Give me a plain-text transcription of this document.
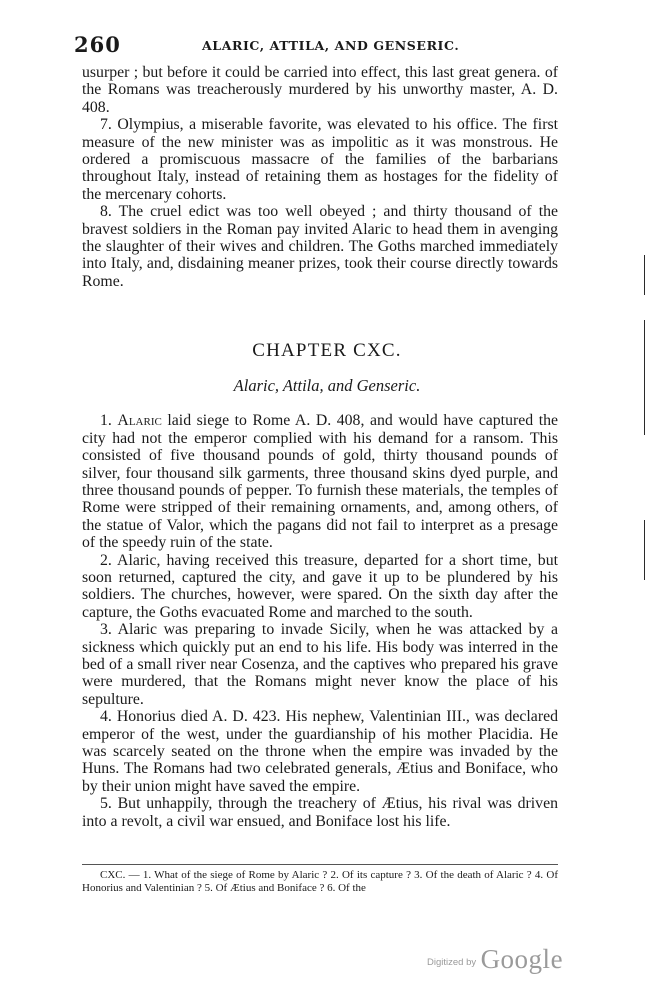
260	ALARIC, ATTILA, AND GENSERIC.

usurper ; but before it could be carried into effect, this last great genera. of the Romans was treacherously murdered by his unworthy master, A. D. 408.

7. Olympius, a miserable favorite, was elevated to his office. The first measure of the new minister was as impolitic as it was monstrous. He ordered a promiscuous massacre of the families of the barbarians throughout Italy, instead of retaining them as hostages for the fidelity of the mercenary cohorts.

8. The cruel edict was too well obeyed ; and thirty thousand of the bravest soldiers in the Roman pay invited Alaric to head them in avenging the slaughter of their wives and children. The Goths marched immediately into Italy, and, disdaining meaner prizes, took their course directly towards Rome.

CHAPTER CXC.
Alaric, Attila, and Genseric.

1. Alaric laid siege to Rome A. D. 408, and would have captured the city had not the emperor complied with his demand for a ransom. This consisted of five thousand pounds of gold, thirty thousand pounds of silver, four thousand silk garments, three thousand skins dyed purple, and three thousand pounds of pepper. To furnish these materials, the temples of Rome were stripped of their remaining ornaments, and, among others, of the statue of Valor, which the pagans did not fail to interpret as a presage of the speedy ruin of the state.

2. Alaric, having received this treasure, departed for a short time, but soon returned, captured the city, and gave it up to be plundered by his soldiers. The churches, however, were spared. On the sixth day after the capture, the Goths evacuated Rome and marched to the south.

3. Alaric was preparing to invade Sicily, when he was attacked by a sickness which quickly put an end to his life. His body was interred in the bed of a small river near Cosenza, and the captives who prepared his grave were murdered, that the Romans might never know the place of his sepulture.

4. Honorius died A. D. 423. His nephew, Valentinian III., was declared emperor of the west, under the guardianship of his mother Placidia. He was scarcely seated on the throne when the empire was invaded by the Huns. The Romans had two celebrated generals, Ætius and Boniface, who by their union might have saved the empire.

5. But unhappily, through the treachery of Ætius, his rival was driven into a revolt, a civil war ensued, and Boniface lost his life.

CXC. — 1. What of the siege of Rome by Alaric ? 2. Of its capture ? 3. Of the death of Alaric ? 4. Of Honorius and Valentinian ? 5. Of Ætius and Boniface ? 6. Of the

Digitized by Google
